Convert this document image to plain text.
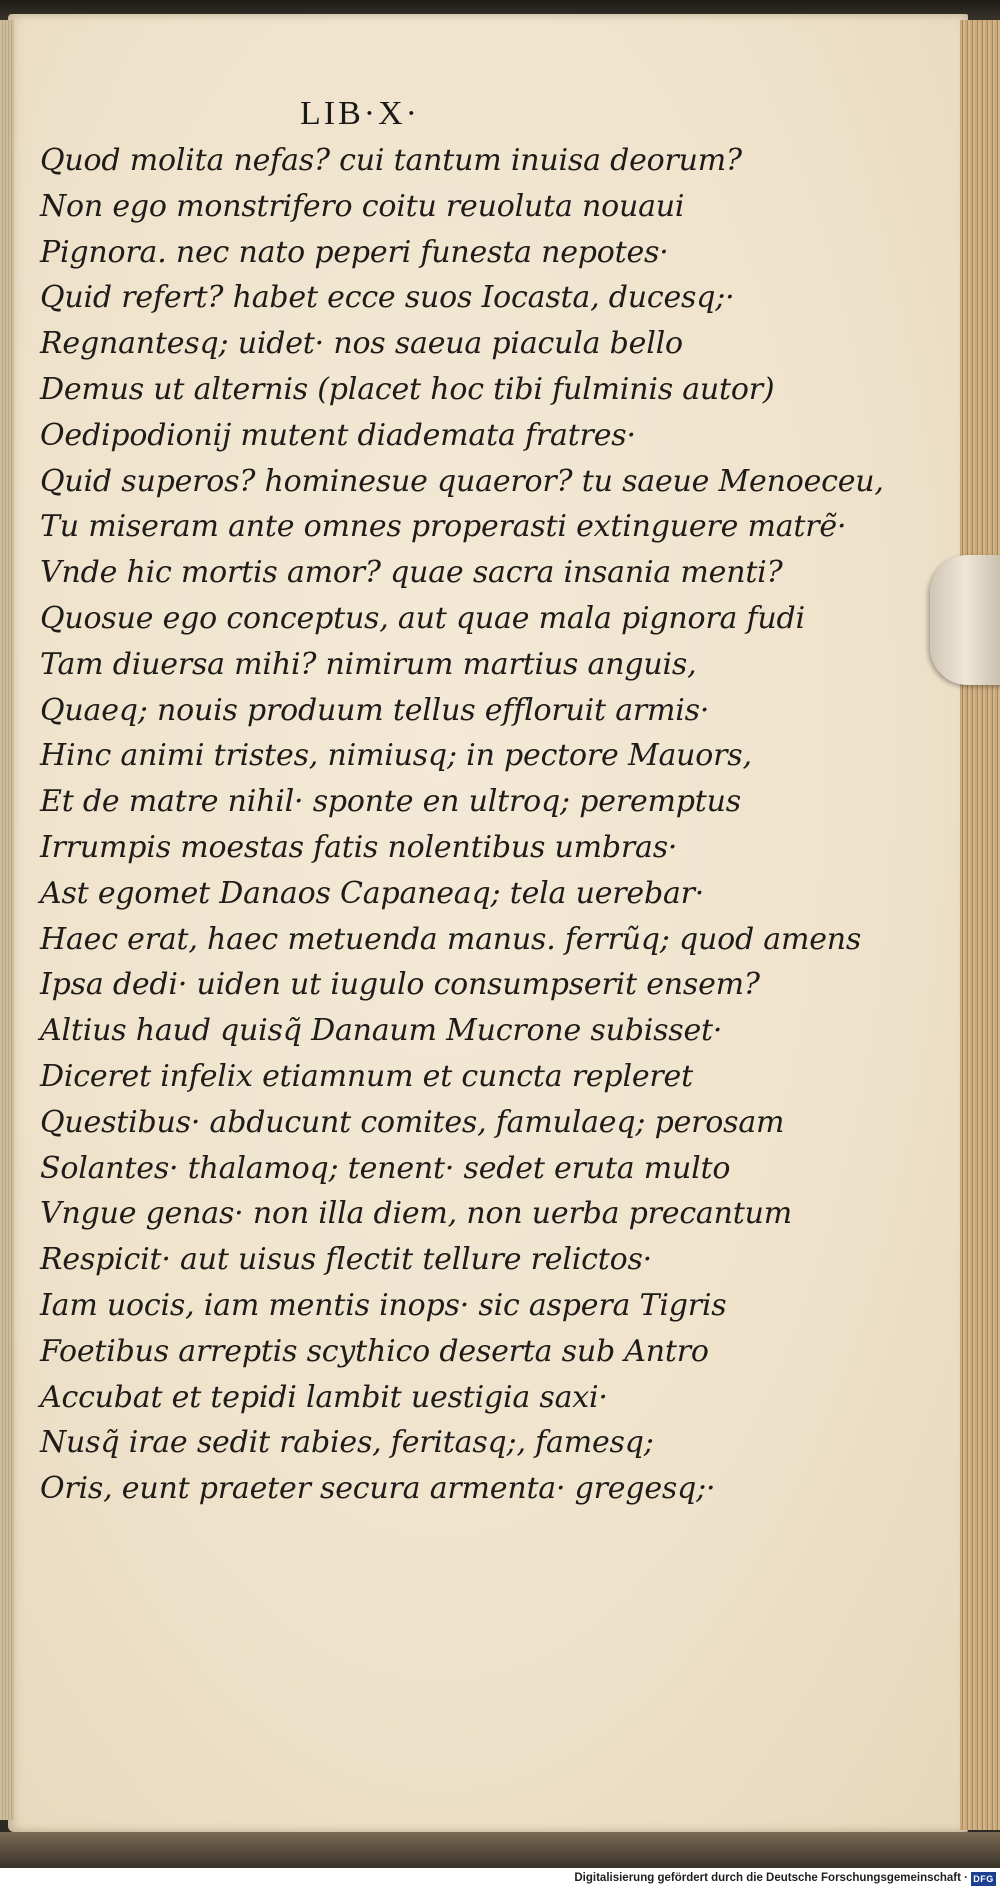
LIB·X·
Quod molita nefas? cui tantum inuisa deorum?
Non ego monstrifero coitu reuoluta nouaui
Pignora. nec nato peperi funesta nepotes·
Quid refert? habet ecce suos Iocasta, ducesq;·
Regnantesq; uidet· nos saeua piacula bello
Demus ut alternis (placet hoc tibi fulminis autor)
Oedipodionij mutent diademata fratres·
Quid superos? hominesue quaeror? tu saeue Menoeceu,
Tu miseram ante omnes properasti extinguere matrẽ·
Vnde hic mortis amor? quae sacra insania menti?
Quosue ego conceptus, aut quae mala pignora fudi
Tam diuersa mihi? nimirum martius anguis,
Quaeq; nouis produum tellus effloruit armis·
Hinc animi tristes, nimiusq; in pectore Mauors,
Et de matre nihil· sponte en ultroq; peremptus
Irrumpis moestas fatis nolentibus umbras·
Ast egomet Danaos Capaneaq; tela uerebar·
Haec erat, haec metuenda manus. ferrũq; quod amens
Ipsa dedi· uiden ut iugulo consumpserit ensem?
Altius haud quisq̃ Danaum Mucrone subisset·
Diceret infelix etiamnum et cuncta repleret
Questibus· abducunt comites, famulaeq; perosam
Solantes· thalamoq; tenent· sedet eruta multo
Vngue genas· non illa diem, non uerba precantum
Respicit· aut uisus flectit tellure relictos·
Iam uocis, iam mentis inops· sic aspera Tigris
Foetibus arreptis scythico deserta sub Antro
Accubat et tepidi lambit uestigia saxi·
Nusq̃ irae sedit rabies, feritasq;, famesq;
Oris, eunt praeter secura armenta· gregesq;·
Digitalisierung gefördert durch die Deutsche Forschungsgemeinschaft · DFG
